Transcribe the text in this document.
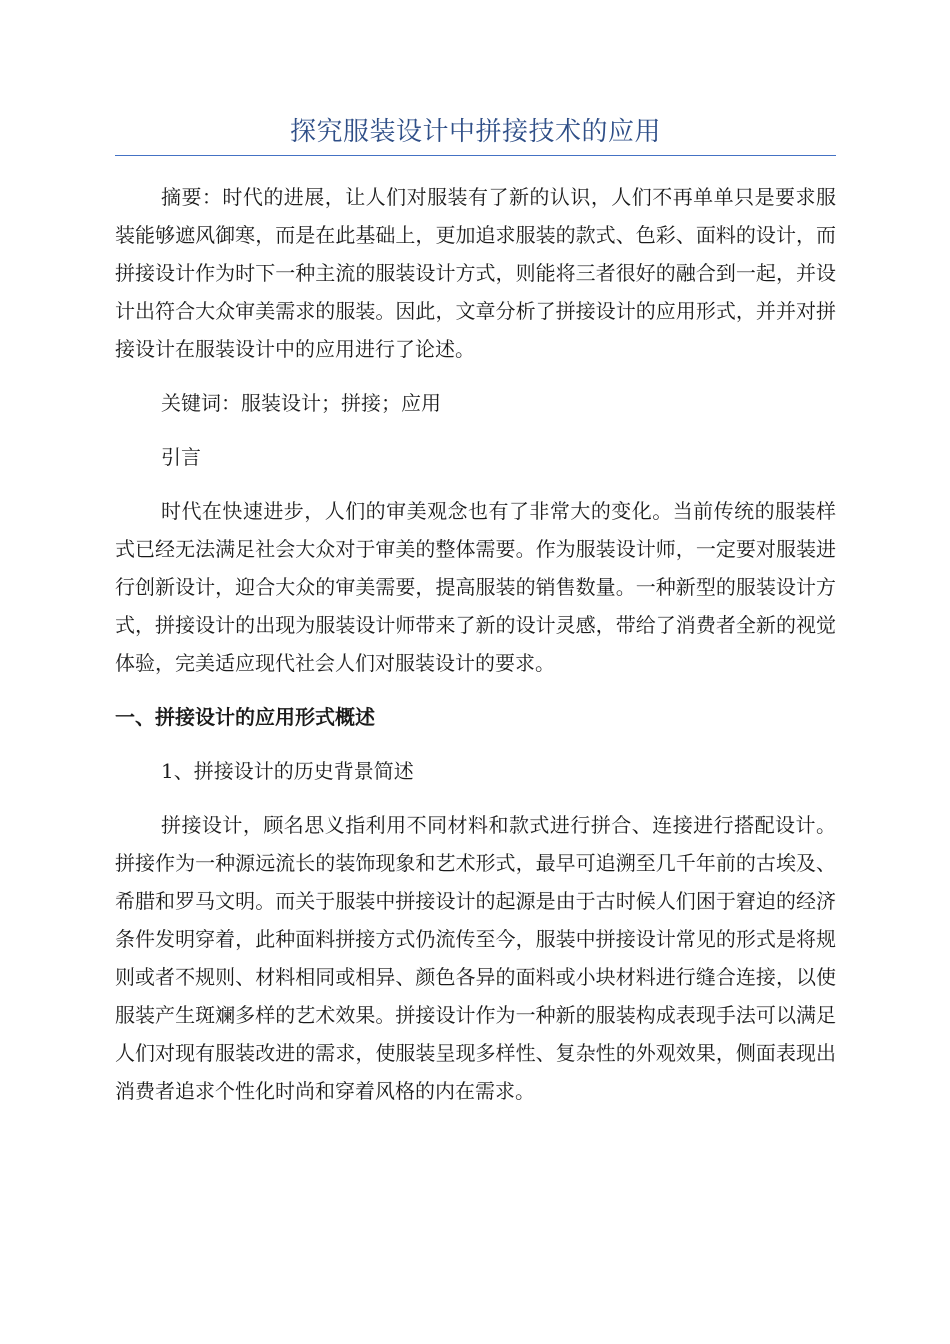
探究服装设计中拼接技术的应用

摘要：时代的进展，让人们对服装有了新的认识，人们不再单单只是要求服装能够遮风御寒，而是在此基础上，更加追求服装的款式、色彩、面料的设计，而拼接设计作为时下一种主流的服装设计方式，则能将三者很好的融合到一起，并设计出符合大众审美需求的服装。因此，文章分析了拼接设计的应用形式，并并对拼接设计在服装设计中的应用进行了论述。

关键词：服装设计；拼接；应用

引言

时代在快速进步，人们的审美观念也有了非常大的变化。当前传统的服装样式已经无法满足社会大众对于审美的整体需要。作为服装设计师，一定要对服装进行创新设计，迎合大众的审美需要，提高服装的销售数量。一种新型的服装设计方式，拼接设计的出现为服装设计师带来了新的设计灵感，带给了消费者全新的视觉体验，完美适应现代社会人们对服装设计的要求。

一、拼接设计的应用形式概述

1、拼接设计的历史背景简述

拼接设计，顾名思义指利用不同材料和款式进行拼合、连接进行搭配设计。拼接作为一种源远流长的装饰现象和艺术形式，最早可追溯至几千年前的古埃及、希腊和罗马文明。而关于服装中拼接设计的起源是由于古时候人们困于窘迫的经济条件发明穿着，此种面料拼接方式仍流传至今，服装中拼接设计常见的形式是将规则或者不规则、材料相同或相异、颜色各异的面料或小块材料进行缝合连接，以使服装产生斑斓多样的艺术效果。拼接设计作为一种新的服装构成表现手法可以满足人们对现有服装改进的需求，使服装呈现多样性、复杂性的外观效果，侧面表现出消费者追求个性化时尚和穿着风格的内在需求。
